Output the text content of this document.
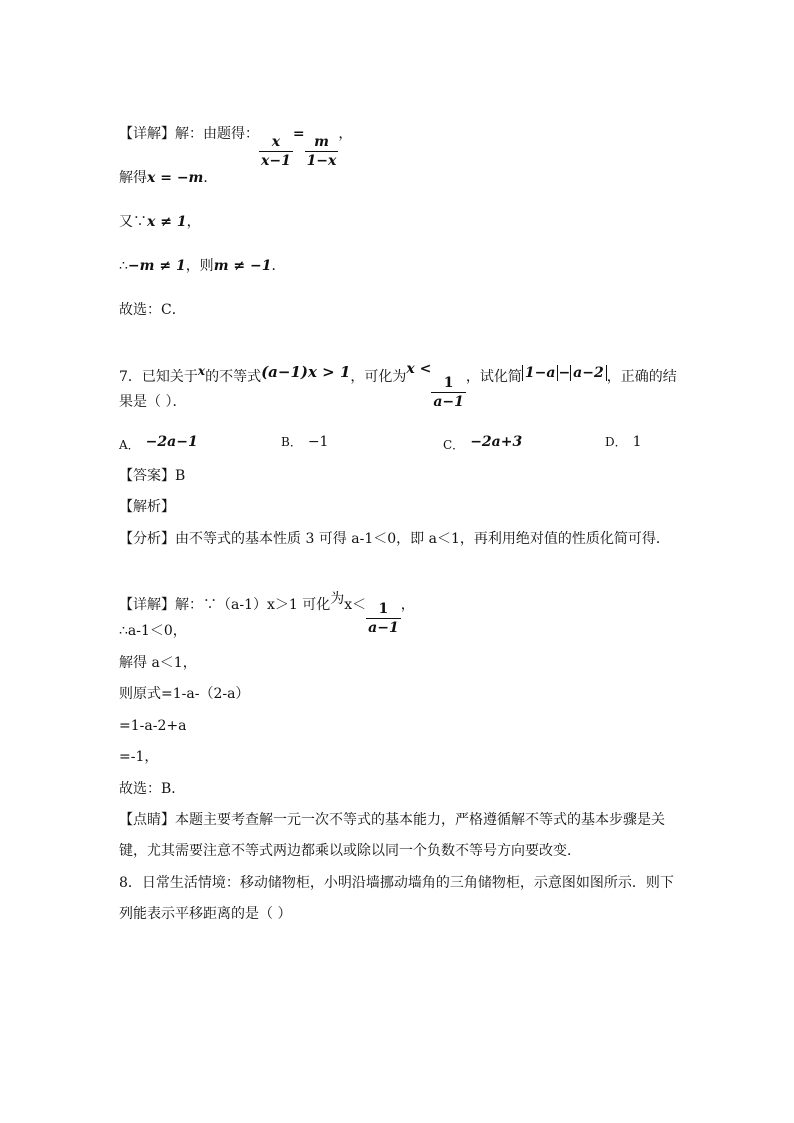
【详解】解：由题得： $\frac{x}{x-1} = \frac{m}{1-x}$ ，
解得x = −m．
又∵x ≠ 1，
∴−m ≠ 1，则m ≠ −1．
故选：C．
7．已知关于x的不等式(a−1)x > 1，可化为x <
$\frac{1}{a-1}$ ，试化简 1−a − a−2 ，正确的结
果是（ ）．
A． −2a−1	B． −1	C． −2a+3	D． 1
【答案】B
【解析】
【分析】由不等式的基本性质 3 可得 a-1＜0，即 a＜1，再利用绝对值的性质化简可得．
【详解】解：∵（a-1）x＞1 可化为$x< \frac{1}{a-1}$ ，
∴a-1＜0，
解得 a＜1，
则原式=1-a-（2-a）
=1-a-2+a
=-1，
故选：B．
【点睛】本题主要考查解一元一次不等式的基本能力，严格遵循解不等式的基本步骤是关
键，尤其需要注意不等式两边都乘以或除以同一个负数不等号方向要改变．
8．日常生活情境：移动储物柜，小明沿墙挪动墙角的三角储物柜，示意图如图所示．则下
列能表示平移距离的是（ ）
